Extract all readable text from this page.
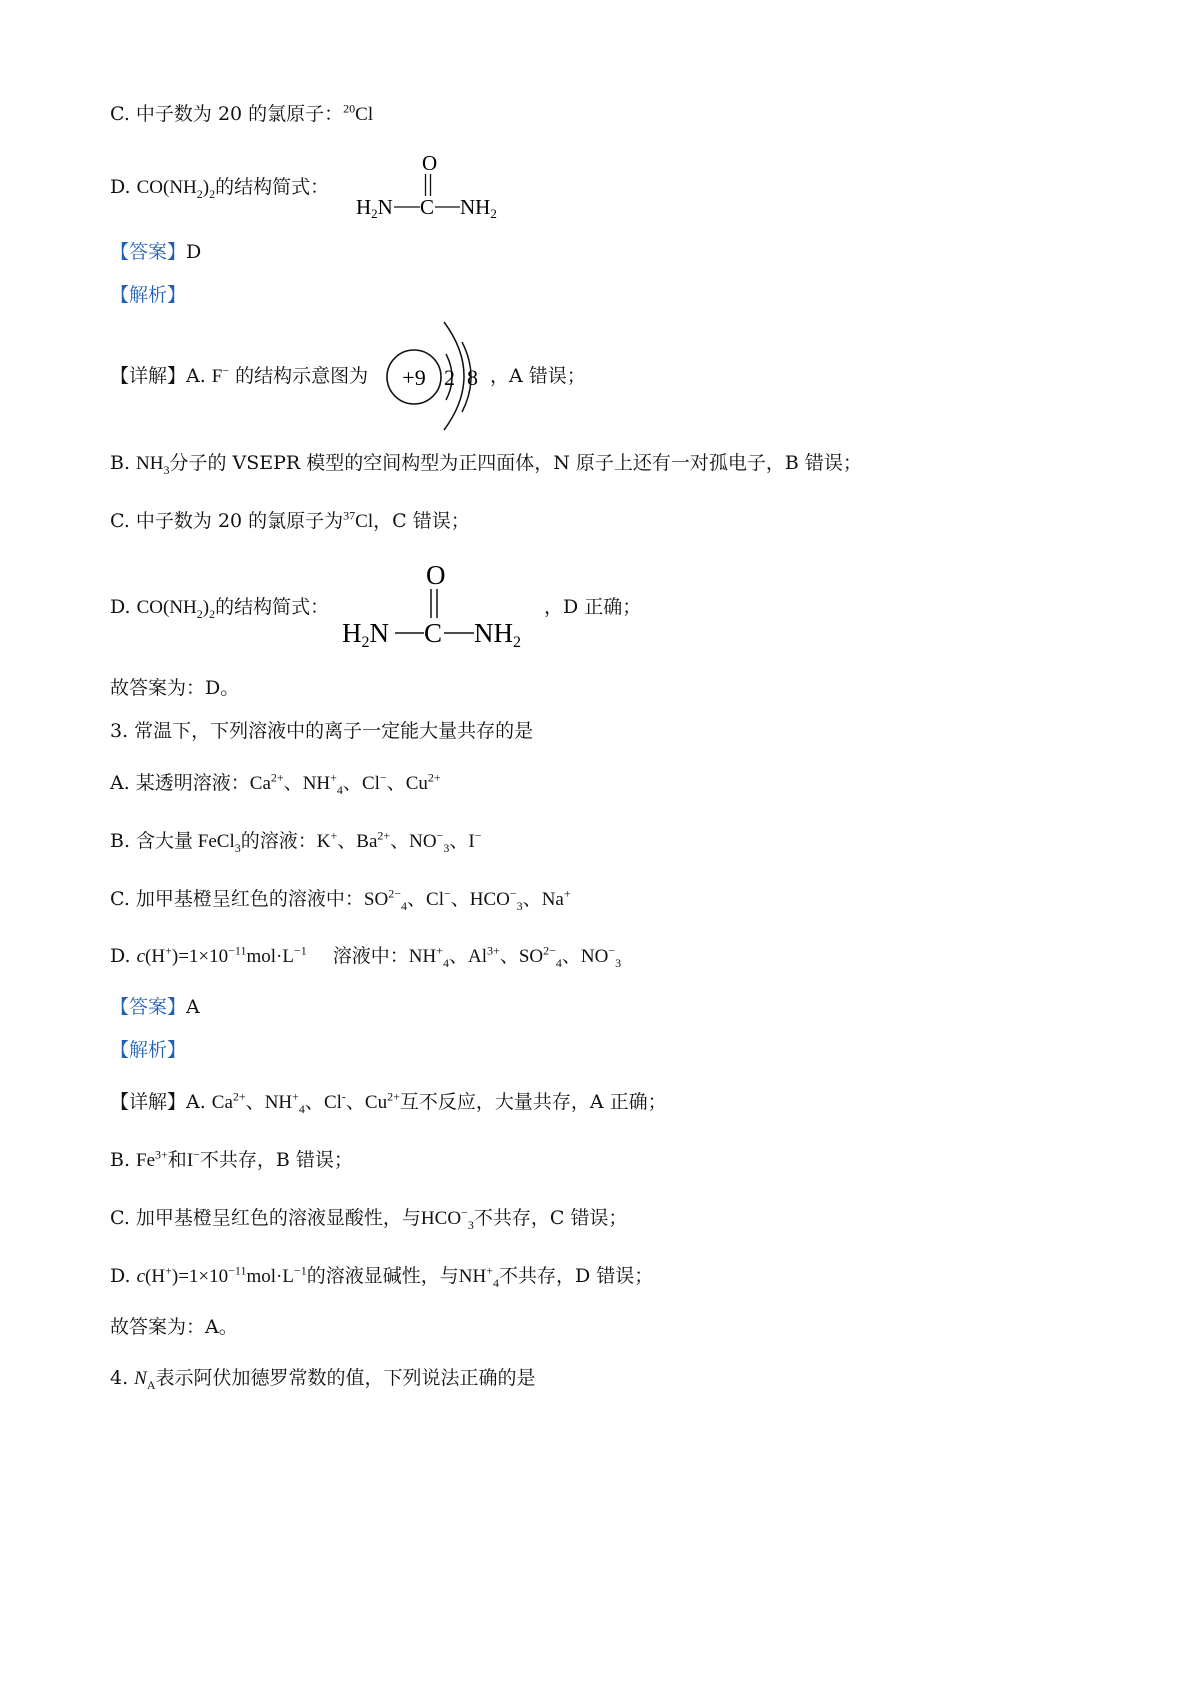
C. 中子数为 20 的氯原子：$^{20}$Cl
D. $CO(NH_2)_2$的结构简式：
O
H2N C NH2
【答案】D
【解析】
【详解】A. F− 的结构示意图为 +9 2 8 ，A 错误；
B. $NH_3$分子的 VSEPR 模型的空间构型为正四面体，N 原子上还有一对孤电子，B 错误；
C. 中子数为 20 的氯原子为$^{37}$Cl，C 错误；
D. $CO(NH_2)_2$的结构简式：
O
H2N C NH2
，D 正确；
故答案为：D。
3. 常温下，下列溶液中的离子一定能大量共存的是
A. 某透明溶液：$Ca^{2+}$、$NH^+_4$、Cl−、$Cu^{2+}$
B. 含大量 FeCl$_3$的溶液：K+、$Ba^{2+}$、$NO^-_3$、I−
C. 加甲基橙呈红色的溶液中：$SO^{2-}_4$、Cl−、$HCO^-_3$、Na+
D. $c(H^+)=1\times 10^{-11}mol\cdot L^{-1}$ 溶液中：$NH^+_4$、$Al^{3+}$、$SO^{2-}_4$、$NO^-_3$
【答案】A
【解析】
【详解】A. $Ca^{2+}$、$NH^+_4$、Cl-、$Cu^{2+}$互不反应，大量共存，A 正确；
B. $Fe^{3+}$和I−不共存，B 错误；
C. 加甲基橙呈红色的溶液显酸性，与$HCO^-_3$不共存，C 错误；
D. $c(H^+)=1\times 10^{-11}mol\cdot L^{-1}$的溶液显碱性，与$NH^+_4$不共存，D 错误；
故答案为：A。
4. $N_A$表示阿伏加德罗常数的值，下列说法正确的是
